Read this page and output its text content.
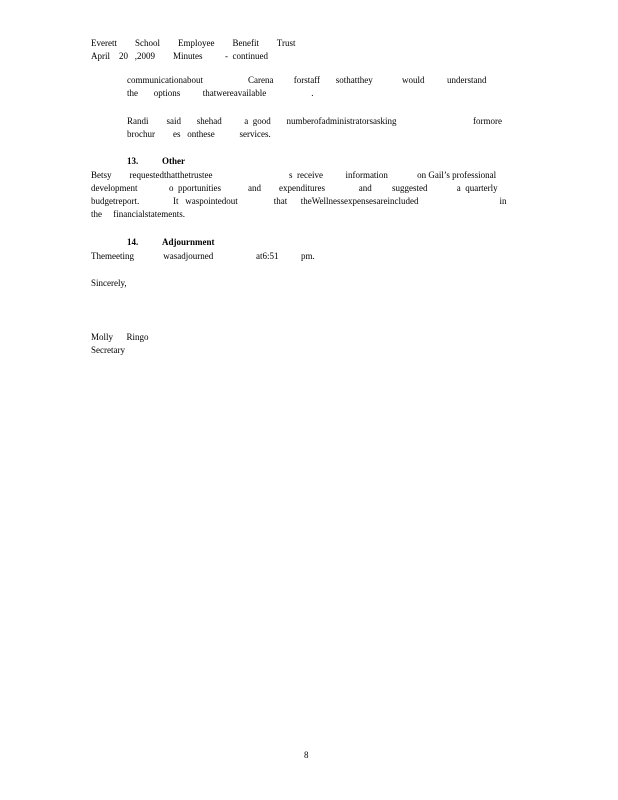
Everett        School        Employee        Benefit        Trust
April    20   ,2009        Minutes          -  continued
communicationabout                    Carena         forstaff       sothatthey             would          understand
the       options          thatwereavailable                    .
Randi        said       shehad          a  good       numberofadministratorsasking                                  formore
brochur        es   onthese           services.
13.	Other
Betsy        requestedthatthetrustee                                  s  receive          information             on Gail’s professional
development              o  pportunities            and        expenditures               and         suggested             a  quarterly
budgetreport.               It   waspointedout                that      theWellnessexpensesareincluded                                    in
the     financialstatements.
14.	Adjournment
Themeeting             wasadjourned                   at6:51          pm.
Sincerely,
Molly      Ringo
Secretary
8
